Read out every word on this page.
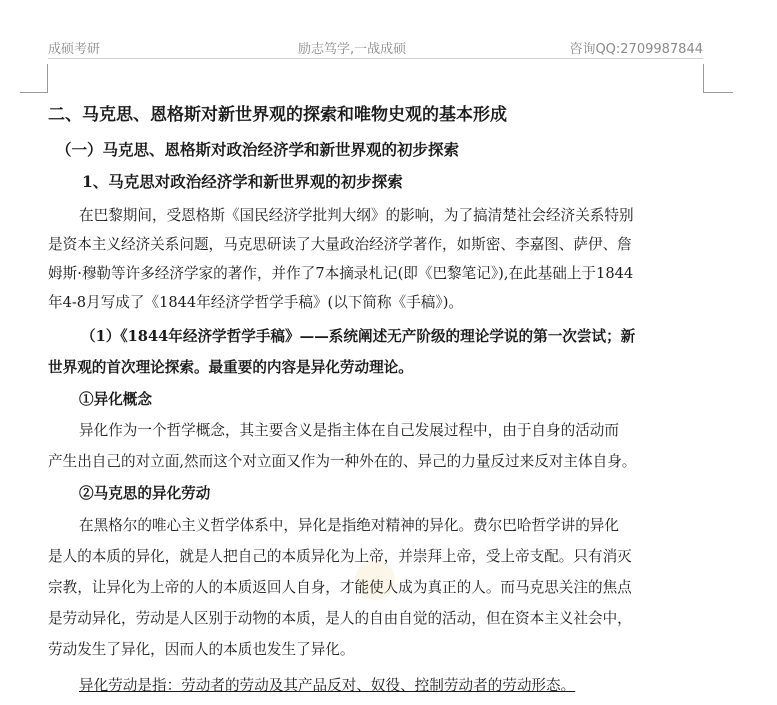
成硕考研	励志笃学,一战成硕	咨询QQ:2709987844
二、马克思、恩格斯对新世界观的探索和唯物史观的基本形成
（一）马克思、恩格斯对政治经济学和新世界观的初步探索
1、马克思对政治经济学和新世界观的初步探索
在巴黎期间，受恩格斯《国民经济学批判大纲》的影响，为了搞清楚社会经济关系特别
是资本主义经济关系问题，马克思研读了大量政治经济学著作，如斯密、李嘉图、萨伊、詹
姆斯·穆勒等许多经济学家的著作，并作了7本摘录札记(即《巴黎笔记》),在此基础上于1844
年4-8月写成了《1844年经济学哲学手稿》(以下简称《手稿》)。
（1）《1844年经济学哲学手稿》——系统阐述无产阶级的理论学说的第一次尝试；新
世界观的首次理论探索。最重要的内容是异化劳动理论。
①异化概念
异化作为一个哲学概念，其主要含义是指主体在自己发展过程中，由于自身的活动而
产生出自己的对立面,然而这个对立面又作为一种外在的、异己的力量反过来反对主体自身。
②马克思的异化劳动
在黑格尔的唯心主义哲学体系中，异化是指绝对精神的异化。费尔巴哈哲学讲的异化
是人的本质的异化，就是人把自己的本质异化为上帝，并崇拜上帝，受上帝支配。只有消灭
宗教，让异化为上帝的人的本质返回人自身，才能使人成为真正的人。而马克思关注的焦点
是劳动异化，劳动是人区别于动物的本质，是人的自由自觉的活动，但在资本主义社会中，
劳动发生了异化，因而人的本质也发生了异化。
异化劳动是指：劳动者的劳动及其产品反对、奴役、控制劳动者的劳动形态。
